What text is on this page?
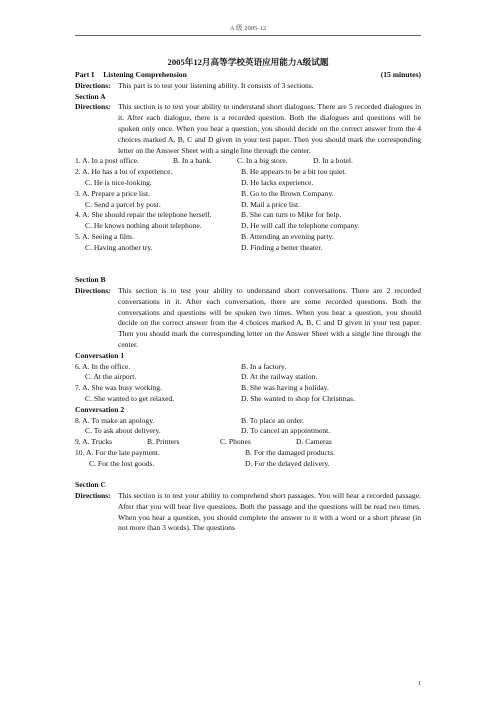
A 级 2005-12
2005年12月高等学校英语应用能力A级试题
Part I Listening Comprehension	(15 minutes)
Directions: This part is to test your listening ability. It consists of 3 sections.
Section A
Directions: This section is to test your ability to understand short dialogues. There are 5 recorded dialogues in it. After each dialogue, there is a recorded question. Both the dialogues and questions will be spoken only once. When you hear a question, you should decide on the correct answer from the 4 choices marked A, B, C and D given in your test paper. Then you should mark the corresponding letter on the Answer Sheet with a single line through the center.
1. A. In a post office.	B. In a bank.	C. In a big store.	D. In a hotel.
2. A. He has a lot of experience.	B. He appears to be a bit too quiet.
C. He is nice-looking.	D. He lacks experience.
3. A. Prepare a price list.	B. Go to the Brown Company.
C. Send a parcel by post.	D. Mail a price list.
4. A. She should repair the telephone herself.	B. She can turn to Mike for help.
C. He knows nothing about telephone.	D. He will call the telephone company.
5. A. Seeing a film.	B. Attending an evening party.
C. Having another try.	D. Finding a better theater.
Section B
Directions: This section is to test your ability to understand short conversations. There are 2 recorded conversations in it. After each conversation, there are some recorded questions. Both the conversations and questions will be spoken two times. When you hear a question, you should decide on the correct answer from the 4 choices marked A, B, C and D given in your test paper. Then you should mark the corresponding letter on the Answer Sheet with a single line through the center.
Conversation 1
6. A. In the office.	B. In a factory.
C. At the airport.	D. At the railway station.
7. A. She was busy working.	B. She was having a holiday.
C. She wanted to get relaxed.	D. She wanted to shop for Christmas.
Conversation 2
8. A. To make an apology.	B. To place an order.
C. To ask about delivery.	D. To cancel an appointment.
9. A. Trucks	B. Printers	C. Phones	D. Cameras
10. A. For the late payment.	B. For the damaged products.
C. For the lost goods.	D. For the delayed delivery.
Section C
Directions: This section is to test your ability to comprehend short passages. You will hear a recorded passage. After that you will hear five questions. Both the passage and the questions will be read two times. When you hear a question, you should complete the answer to it with a word or a short phrase (in not more than 3 words). The questions
1
